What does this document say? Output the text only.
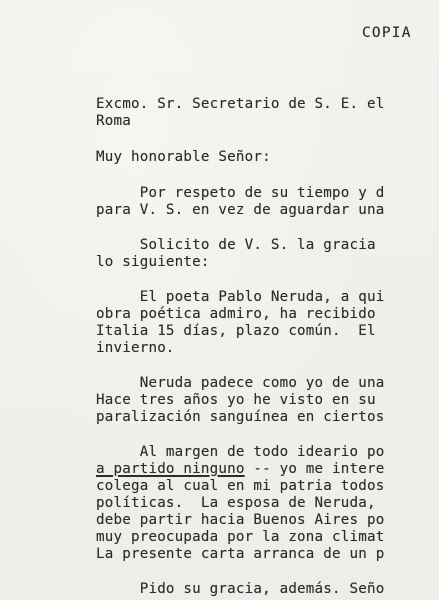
COPIA
Excmo. Sr. Secretario de S. E. el
Roma
Muy honorable Señor:
Por respeto de su tiempo y d
para V. S. en vez de aguardar una
Solicito de V. S. la gracia
lo siguiente:
El poeta Pablo Neruda, a qui
obra poética admiro, ha recibido
Italia 15 días, plazo común.  El
invierno.
Neruda padece como yo de una
Hace tres años yo he visto en su
paralización sanguínea en ciertos
Al margen de todo ideario po
a partido ninguno -- yo me intere
colega al cual en mi patria todos
políticas.  La esposa de Neruda,
debe partir hacia Buenos Aires po
muy preocupada por la zona climat
La presente carta arranca de un p
Pido su gracia, además. Seño
